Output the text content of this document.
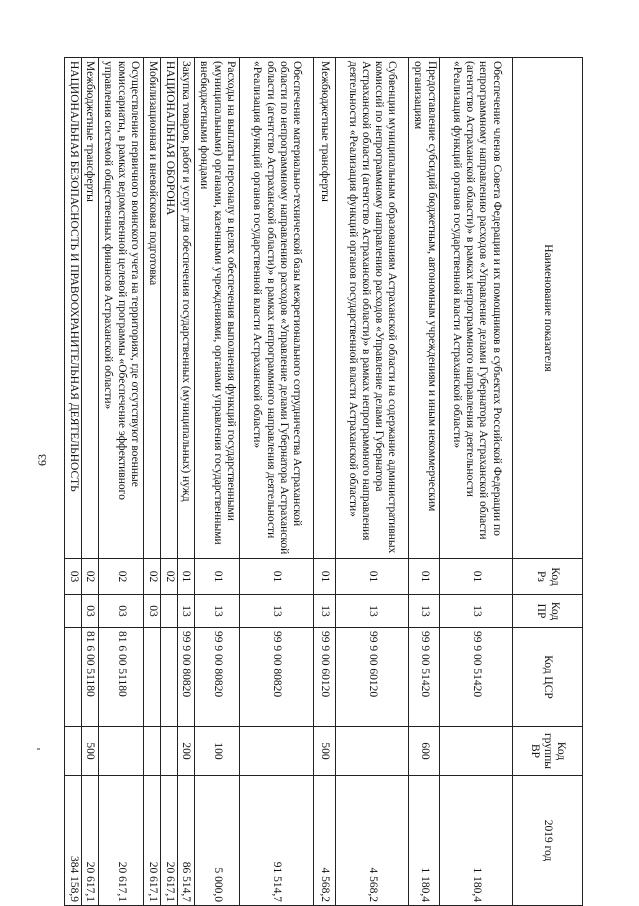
63
Наименование показателя	Код Рз	Код ПР	Код ЦСР	Код группы ВР	2019 год
Обеспечение членов Совета Федерации и их помощников в субъектах Российской Федерации по непрограммному направлению расходов «Управление делами Губернатора Астраханской области (агентство Астраханской области)» в рамках непрограммного направления деятельности «Реализация функций органов государственной власти Астраханской области»	01	13	99 9 00 51420		1 180,4
Предоставление субсидий бюджетным, автономным учреждениям и иным некоммерческим организациям	01	13	99 9 00 51420	600	1 180,4
Субвенции муниципальным образованиям Астраханской области на содержание административных комиссий по непрограммному направлению расходов «Управление делами Губернатора Астраханской области (агентство Астраханской области)» в рамках непрограммного направления деятельности «Реализация функций органов государственной власти Астраханской области»	01	13	99 9 00 60120		4 568,2
Межбюджетные трансферты	01	13	99 9 00 60120	500	4 568,2
Обеспечение материально-технической базы межрегионального сотрудничества Астраханской области по непрограммному направлению расходов «Управление делами Губернатора Астраханской области (агентство Астраханской области)» в рамках непрограммного направления деятельности «Реализация функций органов государственной власти Астраханской области»	01	13	99 9 00 80820		91 514,7
Расходы на выплаты персоналу в целях обеспечения выполнения функций государственными (муниципальными) органами, казенными учреждениями, органами управления государственными внебюджетными фондами	01	13	99 9 00 80820	100	5 000,0
Закупка товаров, работ и услуг для обеспечения государственных (муниципальных) нужд	01	13	99 9 00 80820	200	86 514,7
НАЦИОНАЛЬНАЯ ОБОРОНА	02				20 617,1
Мобилизационная и вневойсковая подготовка	02	03			20 617,1
Осуществление первичного воинского учета на территориях, где отсутствуют военные комиссариаты, в рамках ведомственной целевой программы «Обеспечение эффективного управления системой общественных финансов Астраханской области»	02	03	81 6 00 51180		20 617,1
Межбюджетные трансферты	02	03	81 6 00 51180	500	20 617,1
НАЦИОНАЛЬНАЯ БЕЗОПАСНОСТЬ И ПРАВООХРАНИТЕЛЬНАЯ ДЕЯТЕЛЬНОСТЬ	03				384 158,9
